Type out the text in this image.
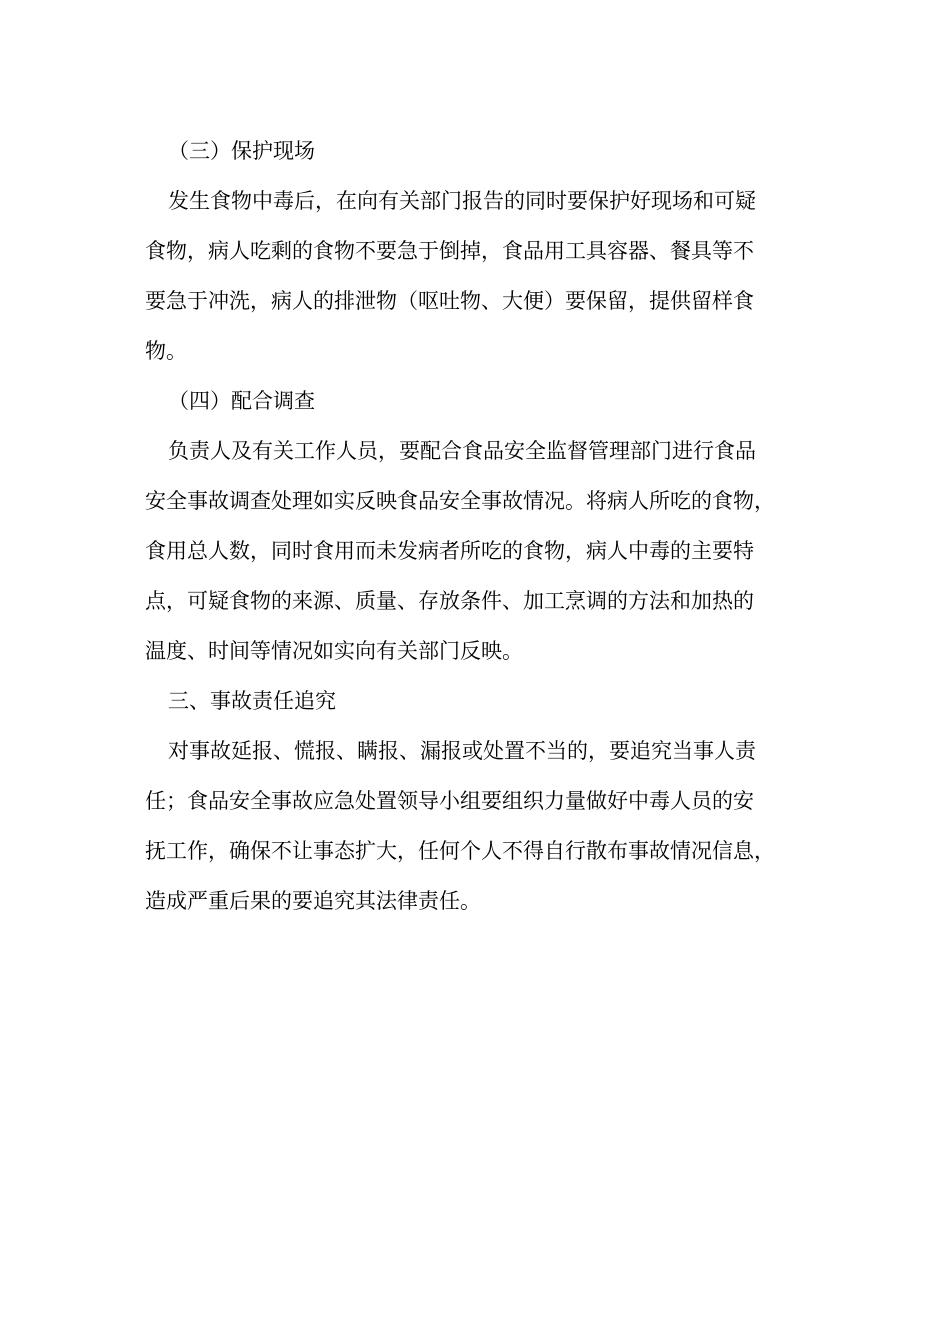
（三）保护现场
发生食物中毒后，在向有关部门报告的同时要保护好现场和可疑
食物，病人吃剩的食物不要急于倒掉，食品用工具容器、餐具等不
要急于冲洗，病人的排泄物（呕吐物、大便）要保留，提供留样食
物。
（四）配合调查
负责人及有关工作人员，要配合食品安全监督管理部门进行食品
安全事故调查处理如实反映食品安全事故情况。将病人所吃的食物，
食用总人数，同时食用而未发病者所吃的食物，病人中毒的主要特
点，可疑食物的来源、质量、存放条件、加工烹调的方法和加热的
温度、时间等情况如实向有关部门反映。
三、事故责任追究
对事故延报、慌报、瞒报、漏报或处置不当的，要追究当事人责
任；食品安全事故应急处置领导小组要组织力量做好中毒人员的安
抚工作，确保不让事态扩大，任何个人不得自行散布事故情况信息，
造成严重后果的要追究其法律责任。
